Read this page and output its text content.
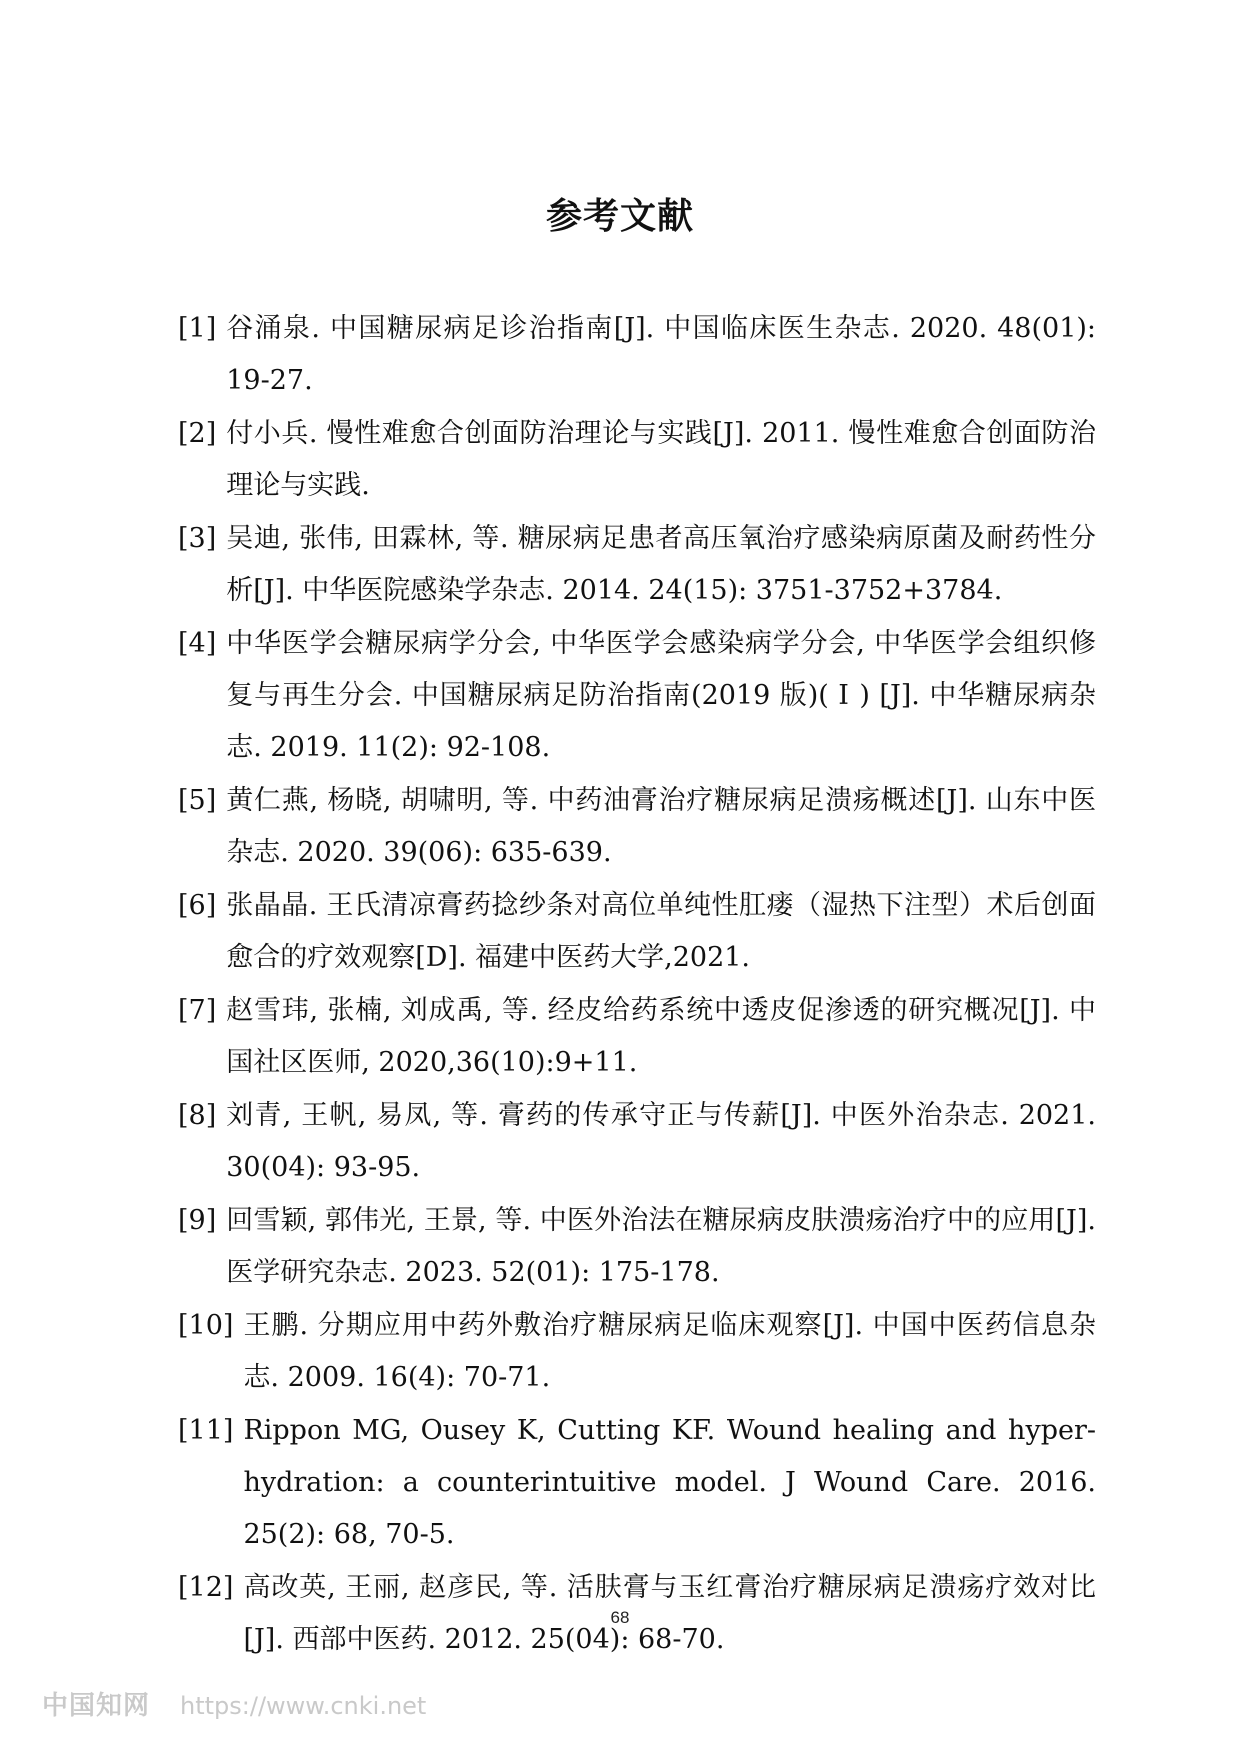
参考文献
[1] 谷涌泉. 中国糖尿病足诊治指南[J]. 中国临床医生杂志. 2020. 48(01): 19-27.
[2] 付小兵. 慢性难愈合创面防治理论与实践[J]. 2011. 慢性难愈合创面防治理论与实践.
[3] 吴迪, 张伟, 田霖林, 等. 糖尿病足患者高压氧治疗感染病原菌及耐药性分析[J]. 中华医院感染学杂志. 2014. 24(15): 3751-3752+3784.
[4] 中华医学会糖尿病学分会, 中华医学会感染病学分会, 中华医学会组织修复与再生分会. 中国糖尿病足防治指南(2019 版)( Ⅰ ) [J]. 中华糖尿病杂志. 2019. 11(2): 92-108.
[5] 黄仁燕, 杨晓, 胡啸明, 等. 中药油膏治疗糖尿病足溃疡概述[J]. 山东中医杂志. 2020. 39(06): 635-639.
[6] 张晶晶. 王氏清凉膏药捻纱条对高位单纯性肛瘘（湿热下注型）术后创面愈合的疗效观察[D]. 福建中医药大学,2021.
[7] 赵雪玮, 张楠, 刘成禹, 等. 经皮给药系统中透皮促渗透的研究概况[J]. 中国社区医师, 2020,36(10):9+11.
[8] 刘青, 王帆, 易凤, 等. 膏药的传承守正与传薪[J]. 中医外治杂志. 2021. 30(04): 93-95.
[9] 回雪颖, 郭伟光, 王景, 等. 中医外治法在糖尿病皮肤溃疡治疗中的应用[J]. 医学研究杂志. 2023. 52(01): 175-178.
[10] 王鹏. 分期应用中药外敷治疗糖尿病足临床观察[J]. 中国中医药信息杂志. 2009. 16(4): 70-71.
[11] Rippon MG, Ousey K, Cutting KF. Wound healing and hyper-hydration: a counterintuitive model. J Wound Care. 2016. 25(2): 68, 70-5.
[12] 高改英, 王丽, 赵彦民, 等. 活肤膏与玉红膏治疗糖尿病足溃疡疗效对比[J]. 西部中医药. 2012. 25(04): 68-70.
68
中国知网 https://www.cnki.net
